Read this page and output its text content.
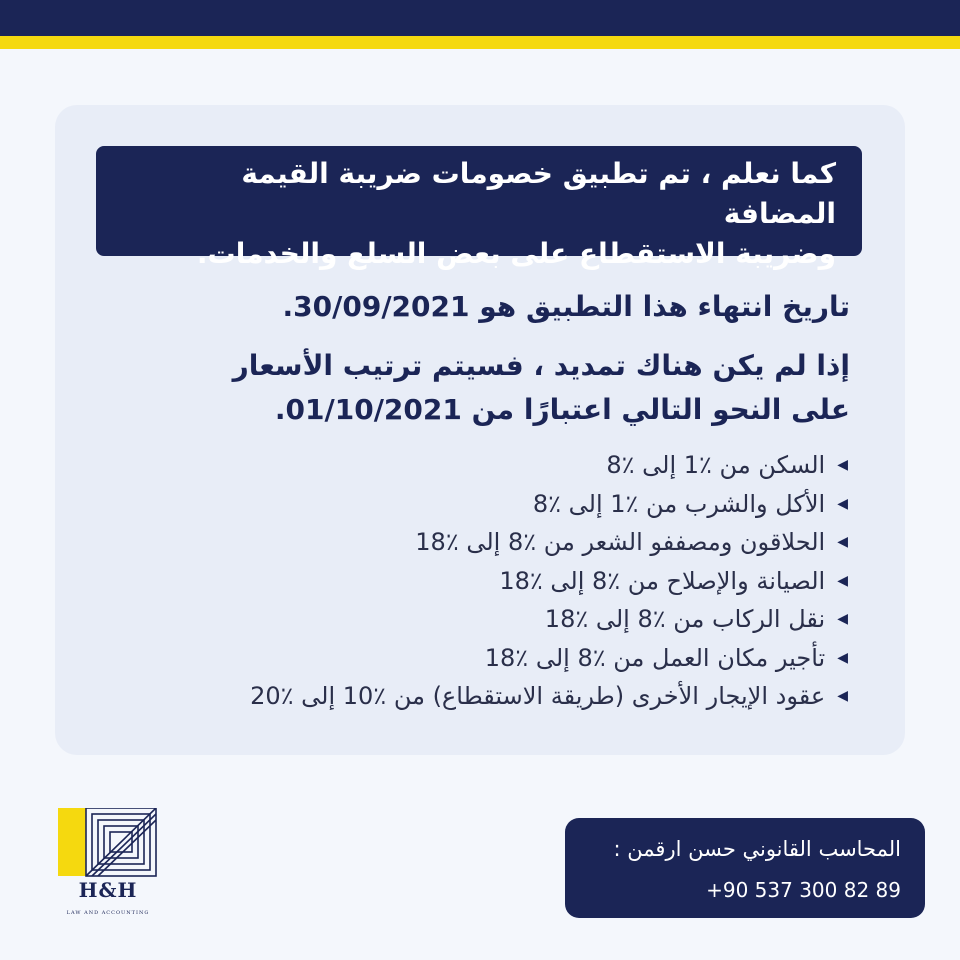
كما نعلم ، تم تطبيق خصومات ضريبة القيمة المضافة
وضريبة الاستقطاع على بعض السلع والخدمات.
تاريخ انتهاء هذا التطبيق هو 30/09/2021.
إذا لم يكن هناك تمديد ، فسيتم ترتيب الأسعار
على النحو التالي اعتبارًا من 01/10/2021.
◀
السكن من ٪1 إلى ٪8
◀
الأكل والشرب من ٪1 إلى ٪8
◀
الحلاقون ومصففو الشعر من ٪8 إلى ٪18
◀
الصيانة والإصلاح من ٪8 إلى ٪18
◀
نقل الركاب من ٪8 إلى ٪18
◀
تأجير مكان العمل من ٪8 إلى ٪18
◀
عقود الإيجار الأخرى (طريقة الاستقطاع) من ٪10 إلى ٪20
H&H
LAW AND ACCOUNTING
المحاسب القانوني حسن ارقمن :
+90 537 300 82 89
